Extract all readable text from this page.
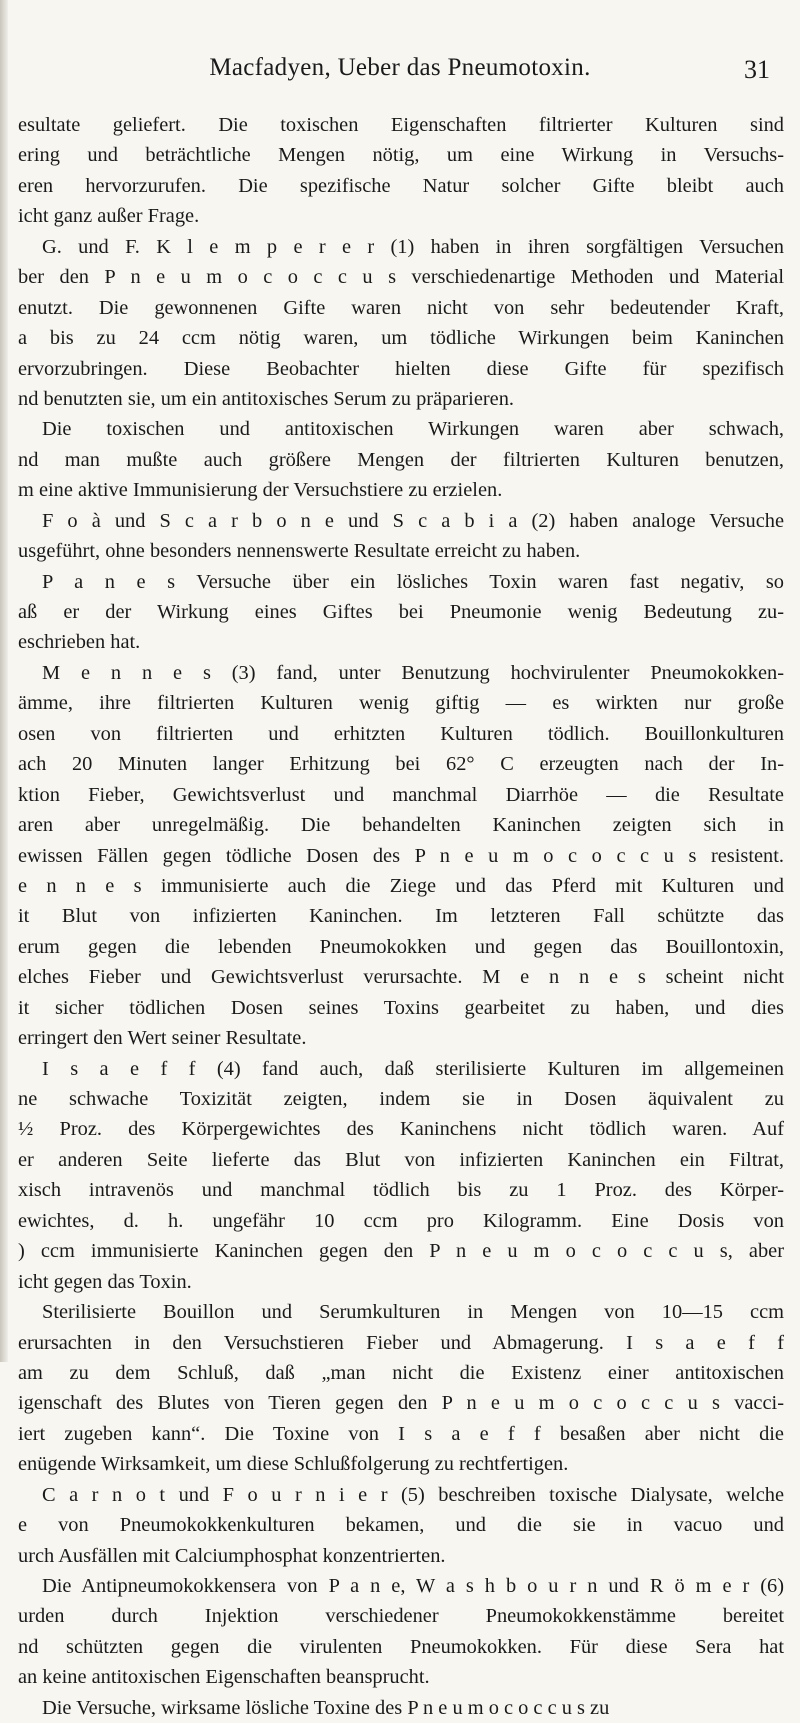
Macfadyen, Ueber das Pneumotoxin.	31
esultate geliefert. Die toxischen Eigenschaften filtrierter Kulturen sind
ering und beträchtliche Mengen nötig, um eine Wirkung in Versuchs-
eren hervorzurufen. Die spezifische Natur solcher Gifte bleibt auch
icht ganz außer Frage.
G. und F. K l e m p e r e r (1) haben in ihren sorgfältigen Versuchen
ber den P n e u m o c o c c u s verschiedenartige Methoden und Material
enutzt. Die gewonnenen Gifte waren nicht von sehr bedeutender Kraft,
a bis zu 24 ccm nötig waren, um tödliche Wirkungen beim Kaninchen
ervorzubringen. Diese Beobachter hielten diese Gifte für spezifisch
nd benutzten sie, um ein antitoxisches Serum zu präparieren.
Die toxischen und antitoxischen Wirkungen waren aber schwach,
nd man mußte auch größere Mengen der filtrierten Kulturen benutzen,
m eine aktive Immunisierung der Versuchstiere zu erzielen.
F o à und S c a r b o n e und S c a b i a (2) haben analoge Versuche
usgeführt, ohne besonders nennenswerte Resultate erreicht zu haben.
P a n e s Versuche über ein lösliches Toxin waren fast negativ, so
aß er der Wirkung eines Giftes bei Pneumonie wenig Bedeutung zu-
eschrieben hat.
M e n n e s (3) fand, unter Benutzung hochvirulenter Pneumokokken-
ämme, ihre filtrierten Kulturen wenig giftig — es wirkten nur große
osen von filtrierten und erhitzten Kulturen tödlich. Bouillonkulturen
ach 20 Minuten langer Erhitzung bei 62° C erzeugten nach der In-
ktion Fieber, Gewichtsverlust und manchmal Diarrhöe — die Resultate
aren aber unregelmäßig. Die behandelten Kaninchen zeigten sich in
ewissen Fällen gegen tödliche Dosen des P n e u m o c o c c u s resistent.
e n n e s immunisierte auch die Ziege und das Pferd mit Kulturen und
it Blut von infizierten Kaninchen. Im letzteren Fall schützte das
erum gegen die lebenden Pneumokokken und gegen das Bouillontoxin,
elches Fieber und Gewichtsverlust verursachte. M e n n e s scheint nicht
it sicher tödlichen Dosen seines Toxins gearbeitet zu haben, und dies
erringert den Wert seiner Resultate.
I s a e f f (4) fand auch, daß sterilisierte Kulturen im allgemeinen
ne schwache Toxizität zeigten, indem sie in Dosen äquivalent zu
½ Proz. des Körpergewichtes des Kaninchens nicht tödlich waren. Auf
er anderen Seite lieferte das Blut von infizierten Kaninchen ein Filtrat,
xisch intravenös und manchmal tödlich bis zu 1 Proz. des Körper-
ewichtes, d. h. ungefähr 10 ccm pro Kilogramm. Eine Dosis von
) ccm immunisierte Kaninchen gegen den P n e u m o c o c c u s, aber
icht gegen das Toxin.
Sterilisierte Bouillon und Serumkulturen in Mengen von 10—15 ccm
erursachten in den Versuchstieren Fieber und Abmagerung. I s a e f f
am zu dem Schluß, daß „man nicht die Existenz einer antitoxischen
igenschaft des Blutes von Tieren gegen den P n e u m o c o c c u s vacci-
iert zugeben kann“. Die Toxine von I s a e f f besaßen aber nicht die
enügende Wirksamkeit, um diese Schlußfolgerung zu rechtfertigen.
C a r n o t und F o u r n i e r (5) beschreiben toxische Dialysate, welche
e von Pneumokokkenkulturen bekamen, und die sie in vacuo und
urch Ausfällen mit Calciumphosphat konzentrierten.
Die Antipneumokokkensera von P a n e, W a s h b o u r n und R ö m e r (6)
urden durch Injektion verschiedener Pneumokokkenstämme bereitet
nd schützten gegen die virulenten Pneumokokken. Für diese Sera hat
an keine antitoxischen Eigenschaften beansprucht.
Die Versuche, wirksame lösliche Toxine des P n e u m o c o c c u s zu
